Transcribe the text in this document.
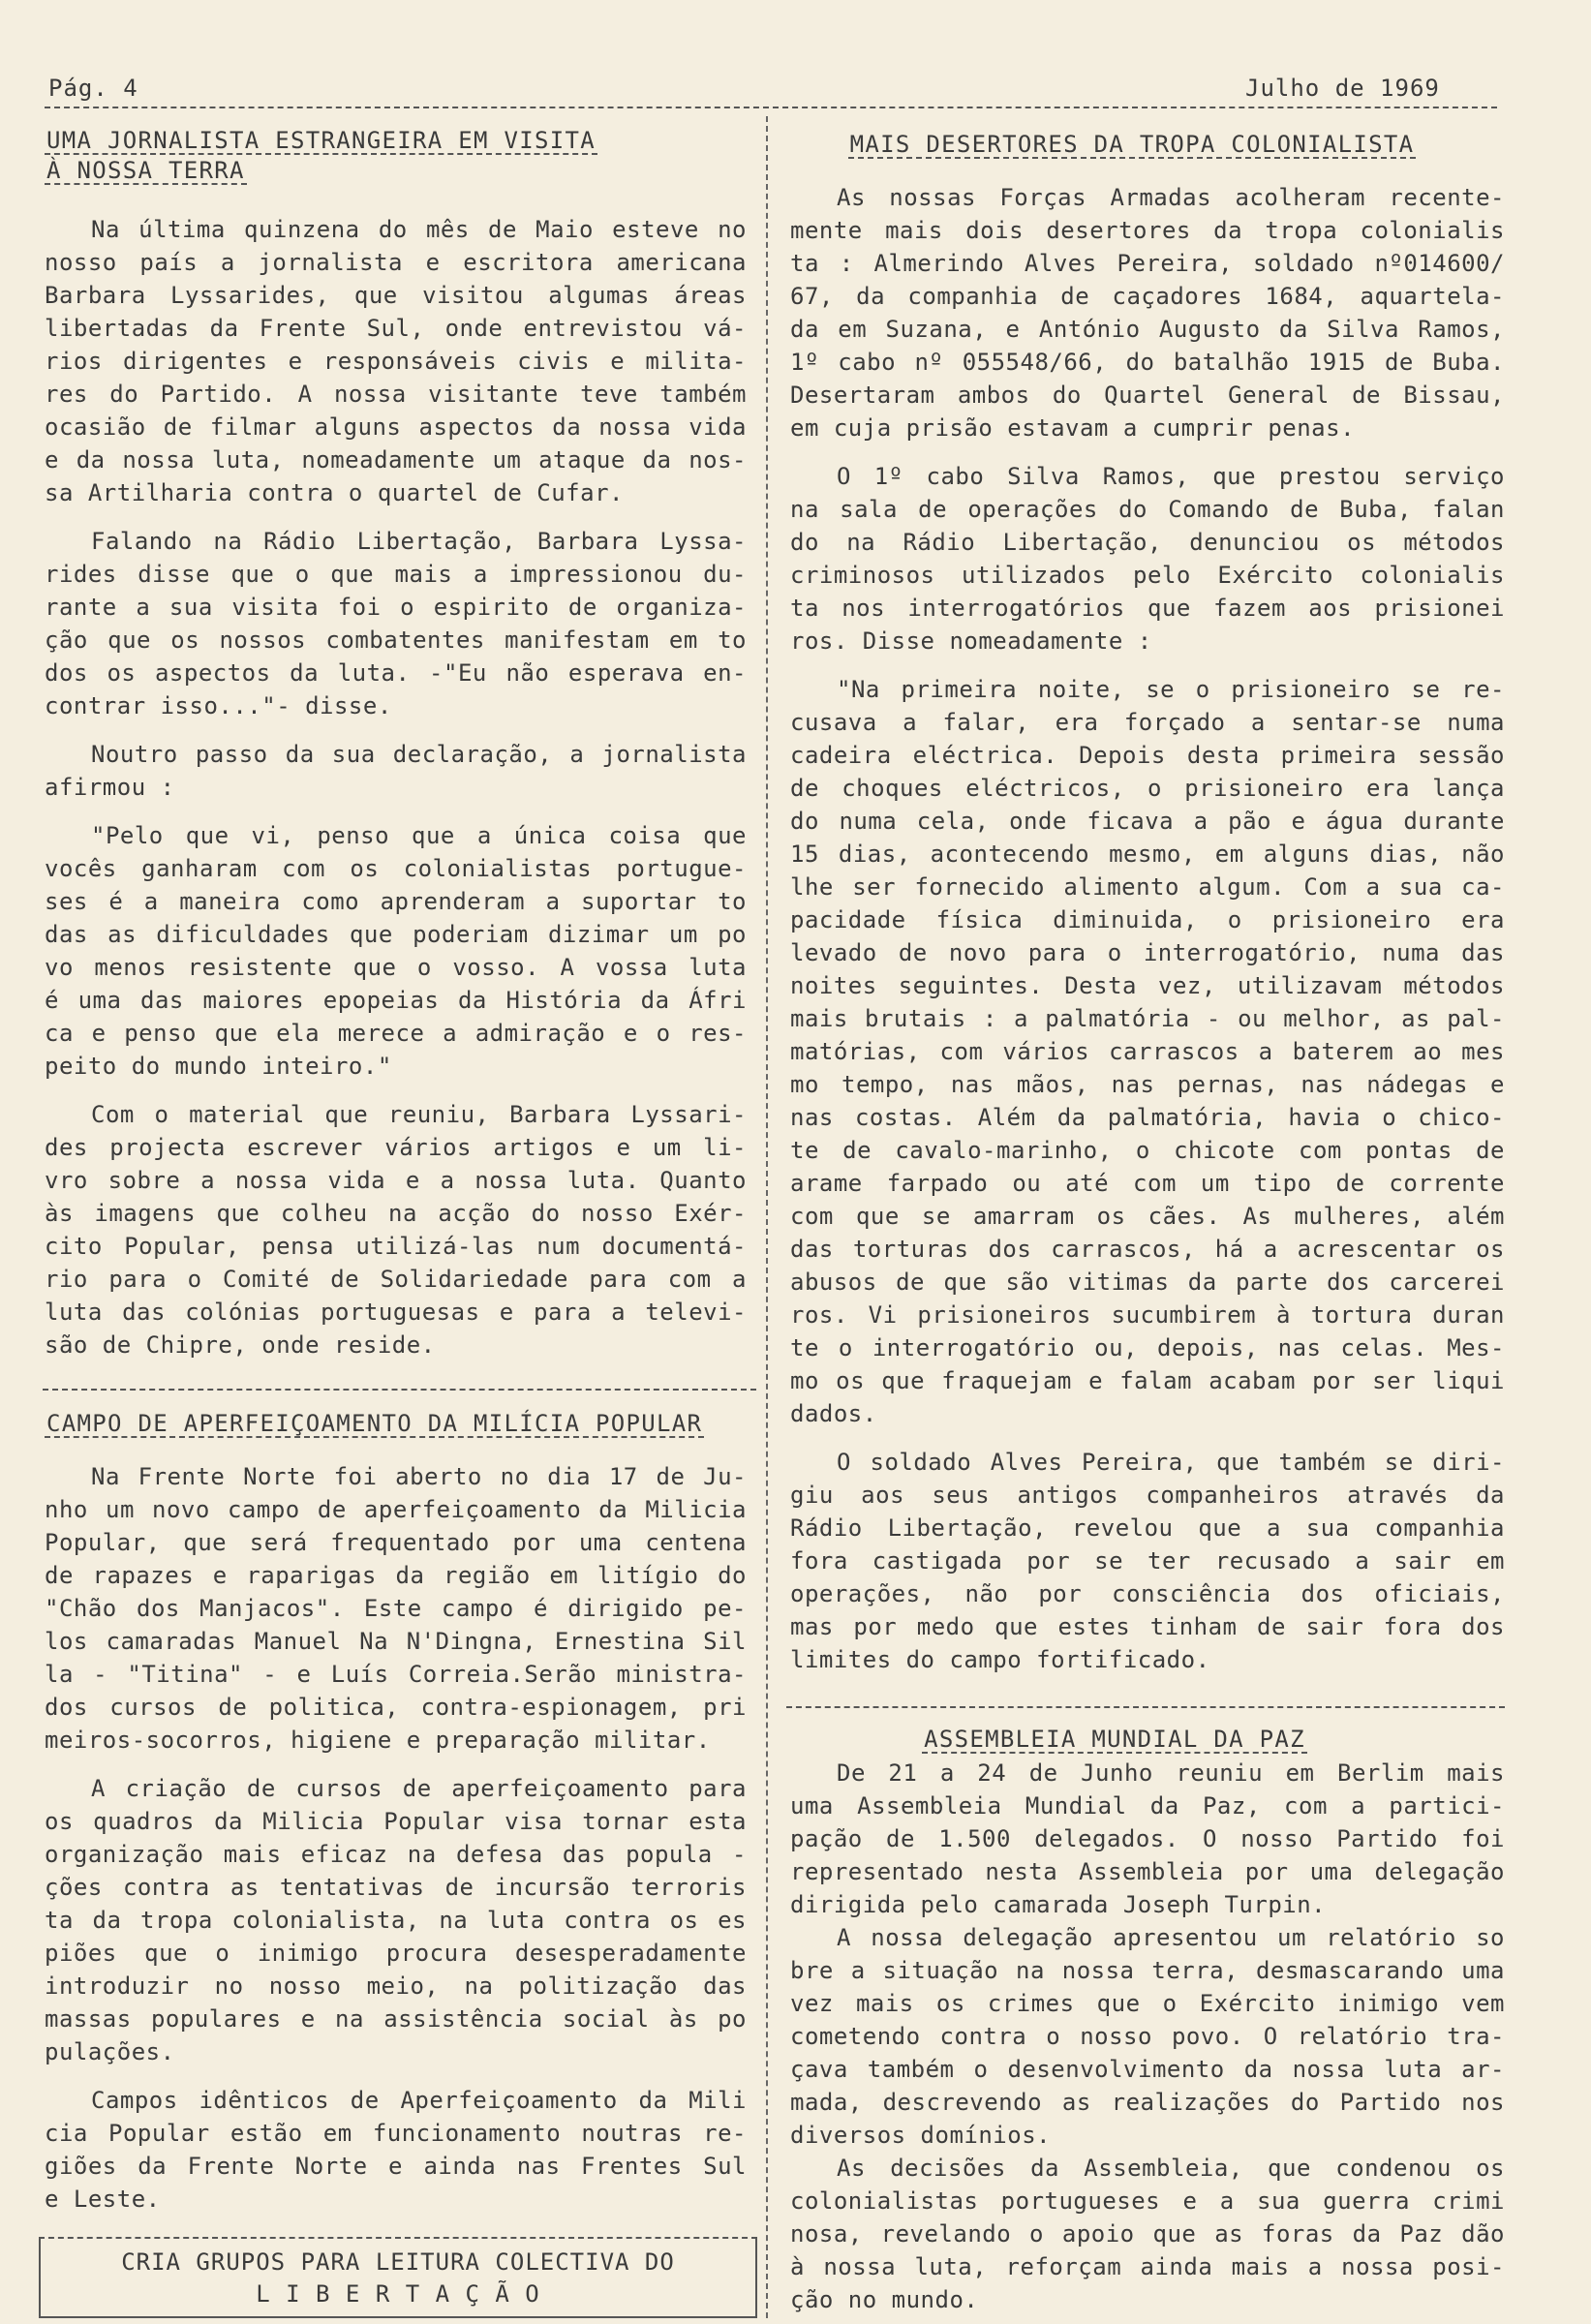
Pág. 4	Julho de 1969
UMA JORNALISTA ESTRANGEIRA EM VISITA
À NOSSA TERRA
Na última quinzena do mês de Maio esteve no
nosso país a jornalista e escritora americana
Barbara Lyssarides, que visitou algumas áreas
libertadas da Frente Sul, onde entrevistou vá-
rios dirigentes e responsáveis civis e milita-
res do Partido. A nossa visitante teve também
ocasião de filmar alguns aspectos da nossa vida
e da nossa luta, nomeadamente um ataque da nos-
sa Artilharia contra o quartel de Cufar.
Falando na Rádio Libertação, Barbara Lyssa-
rides disse que o que mais a impressionou du-
rante a sua visita foi o espirito de organiza-
ção que os nossos combatentes manifestam em to
dos os aspectos da luta. -"Eu não esperava en-
contrar isso..."- disse.
Noutro passo da sua declaração, a jornalista
afirmou :
"Pelo que vi, penso que a única coisa que
vocês ganharam com os colonialistas portugue-
ses é a maneira como aprenderam a suportar to
das as dificuldades que poderiam dizimar um po
vo menos resistente que o vosso. A vossa luta
é uma das maiores epopeias da História da Áfri
ca e penso que ela merece a admiração e o res-
peito do mundo inteiro."
Com o material que reuniu, Barbara Lyssari-
des projecta escrever vários artigos e um li-
vro sobre a nossa vida e a nossa luta. Quanto
às imagens que colheu na acção do nosso Exér-
cito Popular, pensa utilizá-las num documentá-
rio para o Comité de Solidariedade para com a
luta das colónias portuguesas e para a televi-
são de Chipre, onde reside.
CAMPO DE APERFEIÇOAMENTO DA MILÍCIA POPULAR
Na Frente Norte foi aberto no dia 17 de Ju-
nho um novo campo de aperfeiçoamento da Milicia
Popular, que será frequentado por uma centena
de rapazes e raparigas da região em litígio do
"Chão dos Manjacos". Este campo é dirigido pe-
los camaradas Manuel Na N'Dingna, Ernestina Sil
la - "Titina" - e Luís Correia.Serão ministra-
dos cursos de politica, contra-espionagem, pri
meiros-socorros, higiene e preparação militar.
A criação de cursos de aperfeiçoamento para
os quadros da Milicia Popular visa tornar esta
organização mais eficaz na defesa das popula -
ções contra as tentativas de incursão terroris
ta da tropa colonialista, na luta contra os es
piões que o inimigo procura desesperadamente
introduzir no nosso meio, na politização das
massas populares e na assistência social às po
pulações.
Campos idênticos de Aperfeiçoamento da Mili
cia Popular estão em funcionamento noutras re-
giões da Frente Norte e ainda nas Frentes Sul
e Leste.
MAIS DESERTORES DA TROPA COLONIALISTA
As nossas Forças Armadas acolheram recente-
mente mais dois desertores da tropa colonialis
ta : Almerindo Alves Pereira, soldado nº014600/
67, da companhia de caçadores 1684, aquartela-
da em Suzana, e António Augusto da Silva Ramos,
1º cabo nº 055548/66, do batalhão 1915 de Buba.
Desertaram ambos do Quartel General de Bissau,
em cuja prisão estavam a cumprir penas.
O 1º cabo Silva Ramos, que prestou serviço
na sala de operações do Comando de Buba, falan
do na Rádio Libertação, denunciou os métodos
criminosos utilizados pelo Exército colonialis
ta nos interrogatórios que fazem aos prisionei
ros. Disse nomeadamente :
"Na primeira noite, se o prisioneiro se re-
cusava a falar, era forçado a sentar-se numa
cadeira eléctrica. Depois desta primeira sessão
de choques eléctricos, o prisioneiro era lança
do numa cela, onde ficava a pão e água durante
15 dias, acontecendo mesmo, em alguns dias, não
lhe ser fornecido alimento algum. Com a sua ca-
pacidade física diminuida, o prisioneiro era
levado de novo para o interrogatório, numa das
noites seguintes. Desta vez, utilizavam métodos
mais brutais : a palmatória - ou melhor, as pal-
matórias, com vários carrascos a baterem ao mes
mo tempo, nas mãos, nas pernas, nas nádegas e
nas costas. Além da palmatória, havia o chico-
te de cavalo-marinho, o chicote com pontas de
arame farpado ou até com um tipo de corrente
com que se amarram os cães. As mulheres, além
das torturas dos carrascos, há a acrescentar os
abusos de que são vitimas da parte dos carcerei
ros. Vi prisioneiros sucumbirem à tortura duran
te o interrogatório ou, depois, nas celas. Mes-
mo os que fraquejam e falam acabam por ser liqui
dados.
O soldado Alves Pereira, que também se diri-
giu aos seus antigos companheiros através da
Rádio Libertação, revelou que a sua companhia
fora castigada por se ter recusado a sair em
operações, não por consciência dos oficiais,
mas por medo que estes tinham de sair fora dos
limites do campo fortificado.
ASSEMBLEIA MUNDIAL DA PAZ
De 21 a 24 de Junho reuniu em Berlim mais
uma Assembleia Mundial da Paz, com a partici-
pação de 1.500 delegados. O nosso Partido foi
representado nesta Assembleia por uma delegação
dirigida pelo camarada Joseph Turpin.
A nossa delegação apresentou um relatório so
bre a situação na nossa terra, desmascarando uma
vez mais os crimes que o Exército inimigo vem
cometendo contra o nosso povo. O relatório tra-
çava também o desenvolvimento da nossa luta ar-
mada, descrevendo as realizações do Partido nos
diversos domínios.
As decisões da Assembleia, que condenou os
colonialistas portugueses e a sua guerra crimi
nosa, revelando o apoio que as foras da Paz dão
à nossa luta, reforçam ainda mais a nossa posi-
ção no mundo.
CRIA GRUPOS PARA LEITURA COLECTIVA DO
L I B E R T A Ç Ã O
